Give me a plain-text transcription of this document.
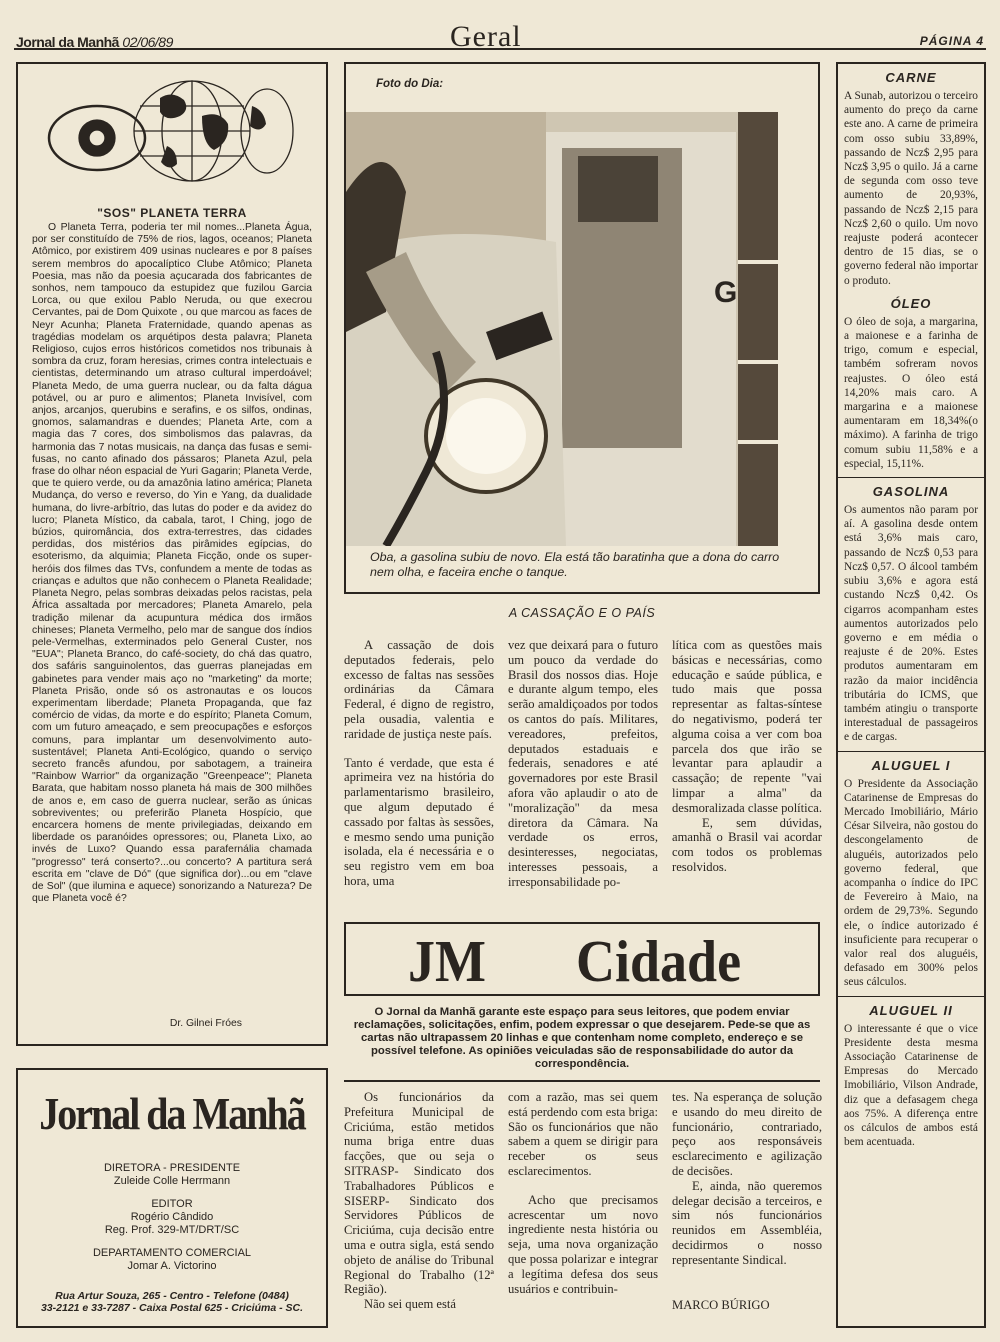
Jornal da Manhã 02/06/89	Geral	PÁGINA 4
"SOS" PLANETA TERRA

O Planeta Terra, poderia ter mil nomes...Planeta Água, por ser constituído de 75% de rios, lagos, oceanos; Planeta Atômico, por existirem 409 usinas nucleares e por 8 países serem membros do apocalíptico Clube Atômico; Planeta Poesia, mas não da poesia açucarada dos fabricantes de sonhos, nem tampouco da estupidez que fuzilou Garcia Lorca, ou que exilou Pablo Neruda, ou que execrou Cervantes, pai de Dom Quixote , ou que marcou as faces de Neyr Acunha; Planeta Fraternidade, quando apenas as tragédias modelam os arquétipos desta palavra; Planeta Religioso, cujos erros históricos cometidos nos tribunais à sombra da cruz, foram heresias, crimes contra intelectuais e cientistas, determinando um atraso cultural imperdoável; Planeta Medo, de uma guerra nuclear, ou da falta dágua potável, ou ar puro e alimentos; Planeta Invisível, com anjos, arcanjos, querubins e serafins, e os silfos, ondinas, gnomos, salamandras e duendes; Planeta Arte, com a magia das 7 cores, dos simbolismos das palavras, da harmonia das 7 notas musicais, na dança das fusas e semi-fusas, no canto afinado dos pássaros; Planeta Azul, pela frase do olhar néon espacial de Yuri Gagarin; Planeta Verde, que te quiero verde, ou da amazônia latino américa; Planeta Mudança, do verso e reverso, do Yin e Yang, da dualidade humana, do livre-arbítrio, das lutas do poder e da avidez do lucro; Planeta Místico, da cabala, tarot, I Ching, jogo de búzios, quiromância, dos extra-terrestres, das cidades perdidas, dos mistérios das pirâmides egípcias, do esoterismo, da alquimia; Planeta Ficção, onde os super-heróis dos filmes das TVs, confundem a mente de todas as crianças e adultos que não conhecem o Planeta Realidade; Planeta Negro, pelas sombras deixadas pelos racistas, pela África assaltada por mercadores; Planeta Amarelo, pela tradição milenar da acupuntura médica dos irmãos chineses; Planeta Vermelho, pelo mar de sangue dos índios pele-Vermelhas, exterminados pelo General Custer, nos "EUA"; Planeta Branco, do café-society, do chá das quatro, dos safáris sanguinolentos, das guerras planejadas em gabinetes para vender mais aço no "marketing" da morte; Planeta Prisão, onde só os astronautas e os loucos experimentam liberdade; Planeta Propaganda, que faz comércio de vidas, da morte e do espírito; Planeta Comum, com um futuro ameaçado, e sem preocupações e esforços comuns, para implantar um desenvolvimento auto-sustentável; Planeta Anti-Ecológico, quando o serviço secreto francês afundou, por sabotagem, a traineira "Rainbow Warrior" da organização "Greenpeace"; Planeta Barata, que habitam nosso planeta há mais de 300 milhões de anos e, em caso de guerra nuclear, serão as únicas sobreviventes; ou preferirão Planeta Hospício, que encarcera homens de mente privilegiadas, deixando em liberdade os paranóides opressores; ou, Planeta Lixo, ao invés de Luxo? Quando essa parafernália chamada "progresso" terá conserto?...ou concerto? A partitura será escrita em "clave de Dó" (que significa dor)...ou em "clave de Sol" (que ilumina e aquece) sonorizando a Natureza? De que Planeta você é?

Dr. Gilnei Fróes
Jornal da Manhã
DIRETORA - PRESIDENTE
Zuleide Colle Herrmann
EDITOR
Rogério Cândido
Reg. Prof. 329-MT/DRT/SC
DEPARTAMENTO COMERCIAL
Jomar A. Victorino
Rua Artur Souza, 265 - Centro - Telefone (0484)
33-2121 e 33-7287 - Caixa Postal 625 - Criciúma - SC.
Foto do Dia:
G

Oba, a gasolina subiu de novo. Ela está tão baratinha que a dona do carro nem olha, e faceira enche o tanque.

A CASSAÇÃO E O PAÍS

A cassação de dois deputados federais, pelo excesso de faltas nas sessões ordinárias da Câmara Federal, é digno de registro, pela ousadia, valentia e raridade de justiça neste país.

Tanto é verdade, que esta é aprimeira vez na história do parlamentarismo brasileiro, que algum deputado é cassado por faltas às sessões, e mesmo sendo uma punição isolada, ela é necessária e o seu registro vem em boa hora, uma

vez que deixará para o futuro um pouco da verdade do Brasil dos nossos dias. Hoje e durante algum tempo, eles serão amaldiçoados por todos os cantos do país. Militares, vereadores, prefeitos, deputados estaduais e federais, senadores e até governadores por este Brasil afora vão aplaudir o ato de "moralização" da mesa diretora da Câmara. Na verdade os erros, desinteresses, negociatas, interesses pessoais, a irresponsabilidade po-

lítica com as questões mais básicas e necessárias, como educação e saúde pública, e tudo mais que possa representar as faltas-síntese do negativismo, poderá ter alguma coisa a ver com boa parcela dos que irão se levantar para aplaudir a cassação; de repente "vai limpar a alma" da desmoralizada classe política.

E, sem dúvidas, amanhã o Brasil vai acordar com todos os problemas resolvidos.

JM Cidade

O Jornal da Manhã garante este espaço para seus leitores, que podem enviar reclamações, solicitações, enfim, podem expressar o que desejarem. Pede-se que as cartas não ultrapassem 20 linhas e que contenham nome completo, endereço e se possível telefone. As opiniões veiculadas são de responsabilidade do autor da correspondência.

Os funcionários da Prefeitura Municipal de Criciúma, estão metidos numa briga entre duas facções, que ou seja o SITRASP- Sindicato dos Trabalhadores Públicos e SISERP- Sindicato dos Servidores Públicos de Criciúma, cuja decisão entre uma e outra sigla, está sendo objeto de análise do Tribunal Regional do Trabalho (12ª Região).

Não sei quem está

com a razão, mas sei quem está perdendo com esta briga: São os funcionários que não sabem a quem se dirigir para receber os seus esclarecimentos.

Acho que precisamos acrescentar um novo ingrediente nesta história ou seja, uma nova organização que possa polarizar e integrar a legítima defesa dos seus usuários e contribuin-

tes. Na esperança de solução e usando do meu direito de funcionário, contrariado, peço aos responsáveis esclarecimento e agilização de decisões.

E, ainda, não queremos delegar decisão a terceiros, e sim nós funcionários reunidos em Assembléia, decidirmos o nosso representante Sindical.

MARCO BÚRIGO

CARNE

A Sunab, autorizou o terceiro aumento do preço da carne este ano. A carne de primeira com osso subiu 33,89%, passando de Ncz$ 2,95 para Ncz$ 3,95 o quilo. Já a carne de segunda com osso teve aumento de 20,93%, passando de Ncz$ 2,15 para Ncz$ 2,60 o quilo. Um novo reajuste poderá acontecer dentro de 15 dias, se o governo federal não importar o produto.

ÓLEO

O óleo de soja, a margarina, a maionese e a farinha de trigo, comum e especial, também sofreram novos reajustes. O óleo está 14,20% mais caro. A margarina e a maionese aumentaram em 18,34%(o máximo). A farinha de trigo comum subiu 11,58% e a especial, 15,11%.

GASOLINA

Os aumentos não param por aí. A gasolina desde ontem está 3,6% mais caro, passando de Ncz$ 0,53 para Ncz$ 0,57. O álcool também subiu 3,6% e agora está custando Ncz$ 0,42. Os cigarros acompanham estes aumentos autorizados pelo governo e em média o reajuste é de 20%. Estes produtos aumentaram em razão da maior incidência tributária do ICMS, que também atingiu o transporte interestadual de passageiros e de cargas.

ALUGUEL I

O Presidente da Associação Catarinense de Empresas do Mercado Imobiliário, Mário César Silveira, não gostou do descongelamento de aluguéis, autorizados pelo governo federal, que acompanha o índice do IPC de Fevereiro à Maio, na ordem de 29,73%. Segundo ele, o índice autorizado é insuficiente para recuperar o valor real dos aluguéis, defasado em 300% pelos seus cálculos.

ALUGUEL II

O interessante é que o vice Presidente desta mesma Associação Catarinense de Empresas do Mercado Imobiliário, Vilson Andrade, diz que a defasagem chega aos 75%. A diferença entre os cálculos de ambos está bem acentuada.
